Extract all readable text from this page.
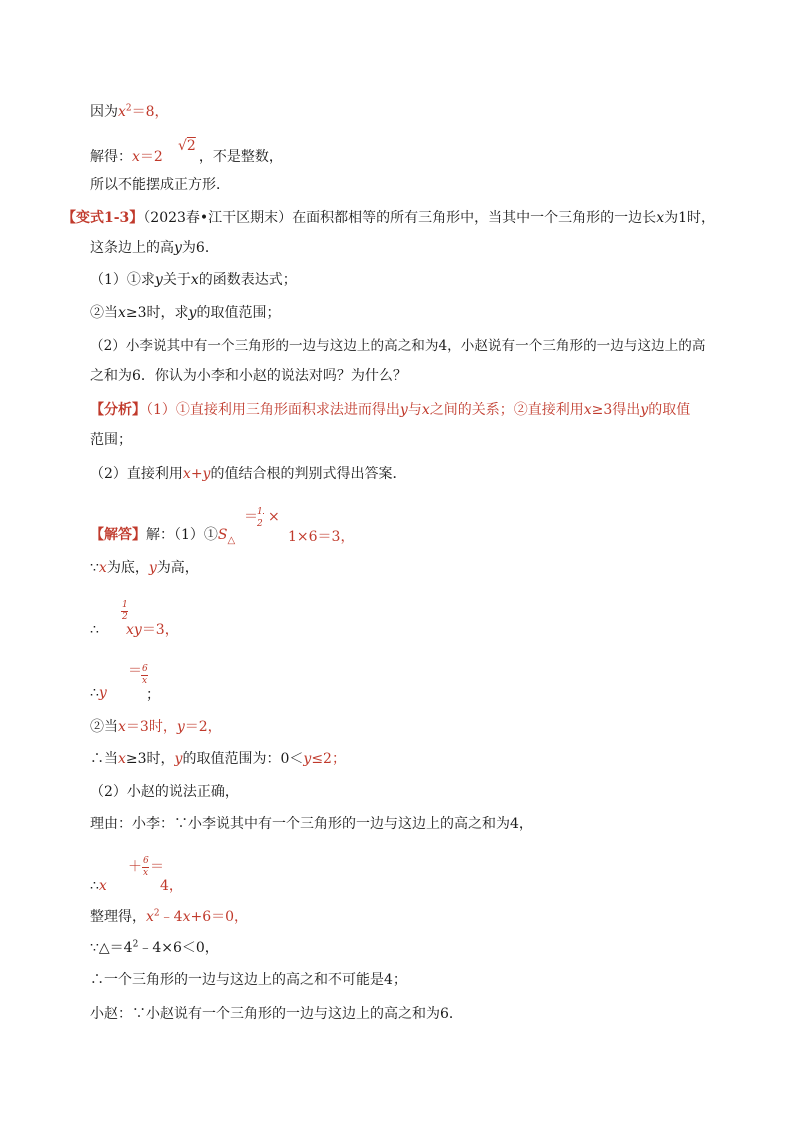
因为$x^2=8$，
√2
解得：x＝2	，不是整数，
所以不能摆成正方形．
【变式1-3】（2023春•江干区期末）在面积都相等的所有三角形中，当其中一个三角形的一边长x为1时，
这条边上的高y为6．
（1）①求y关于x的函数表达式；
②当x≥3时，求y的取值范围；
（2）小李说其中有一个三角形的一边与这边上的高之和为4，小赵说有一个三角形的一边与这边上的高
之和为6．你认为小李和小赵的说法对吗？为什么？
【分析】（1）①直接利用三角形面积求法进而得出y与x之间的关系；②直接利用x≥3得出y的取值
范围；
（2）直接利用x+y的值结合根的判别式得出答案．
1
＝ ×
2
【解答】解：$(1)①S_\triangle$	1×6＝3，
∵x为底，y为高，
1
2
∴ xy＝3，
＝ 6
x
∴y	；
②当x＝3时，y＝2，
∴当x≥3时，y的取值范围为：0＜y≤2；
（2）小赵的说法正确，
理由：小李：∵小李说其中有一个三角形的一边与这边上的高之和为4，
＋ 6
x ＝
∴x	4，
整理得，$x^2﹣4x+6=0$，
$\because\triangle=4^2﹣4\times 6<0$，
∴一个三角形的一边与这边上的高之和不可能是4；
小赵：∵小赵说有一个三角形的一边与这边上的高之和为6．
